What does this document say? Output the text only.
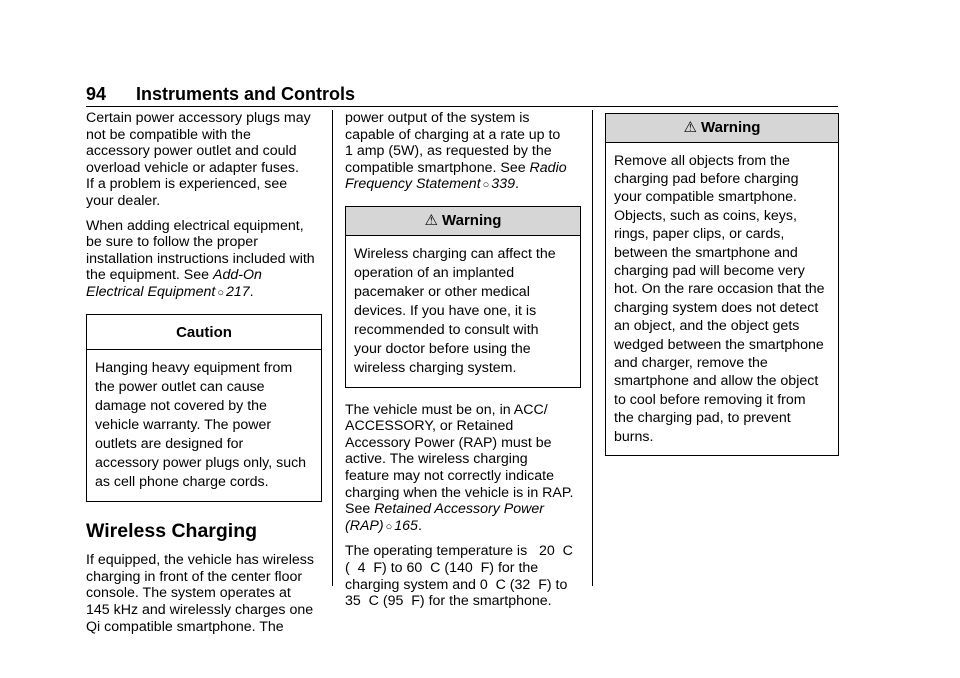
94 Instruments and Controls

Certain power accessory plugs may
not be compatible with the
accessory power outlet and could
overload vehicle or adapter fuses.
If a problem is experienced, see
your dealer.

When adding electrical equipment,
be sure to follow the proper
installation instructions included with
the equipment. See Add-On
Electrical Equipment ○ 217.

Caution
Hanging heavy equipment from
the power outlet can cause
damage not covered by the
vehicle warranty. The power
outlets are designed for
accessory power plugs only, such
as cell phone charge cords.
Wireless Charging

If equipped, the vehicle has wireless
charging in front of the center floor
console. The system operates at
145 kHz and wirelessly charges one
Qi compatible smartphone. The

power output of the system is
capable of charging at a rate up to
1 amp (5W), as requested by the
compatible smartphone. See Radio
Frequency Statement ○ 339.

⚠ Warning
Wireless charging can affect the
operation of an implanted
pacemaker or other medical
devices. If you have one, it is
recommended to consult with
your doctor before using the
wireless charging system.

The vehicle must be on, in ACC/
ACCESSORY, or Retained
Accessory Power (RAP) must be
active. The wireless charging
feature may not correctly indicate
charging when the vehicle is in RAP.
See Retained Accessory Power
(RAP) ○ 165.

The operating temperature is   20  C
(  4  F) to 60  C (140  F) for the
charging system and 0  C (32  F) to
35  C (95  F) for the smartphone.

⚠ Warning
Remove all objects from the
charging pad before charging
your compatible smartphone.
Objects, such as coins, keys,
rings, paper clips, or cards,
between the smartphone and
charging pad will become very
hot. On the rare occasion that the
charging system does not detect
an object, and the object gets
wedged between the smartphone
and charger, remove the
smartphone and allow the object
to cool before removing it from
the charging pad, to prevent
burns.
